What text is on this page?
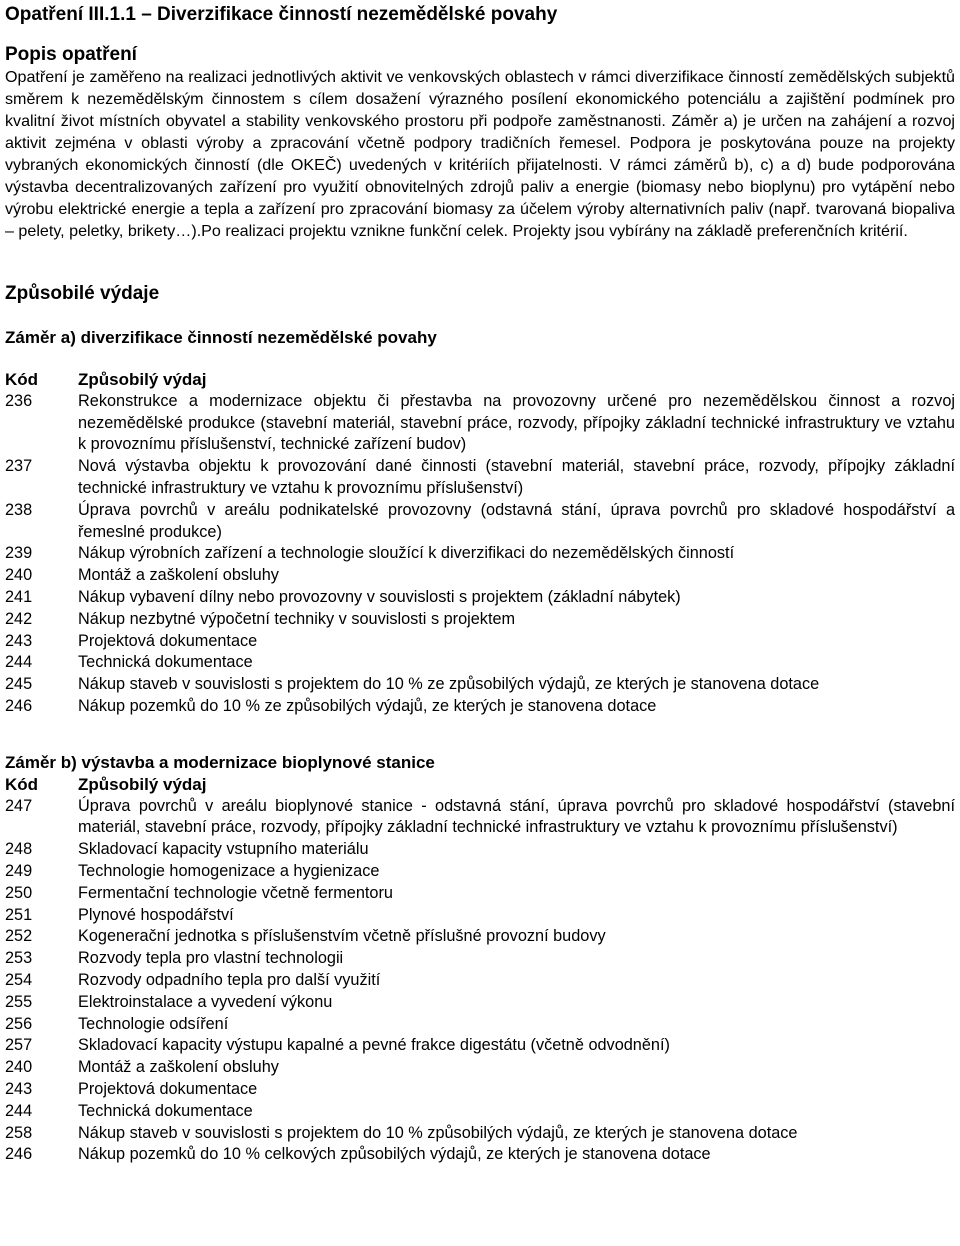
Opatření III.1.1 – Diverzifikace činností nezemědělské povahy
Popis opatření

Opatření je zaměřeno na realizaci jednotlivých aktivit ve venkovských oblastech v rámci diverzifikace činností zemědělských subjektů směrem k nezemědělským činnostem s cílem dosažení výrazného posílení ekonomického potenciálu a zajištění podmínek pro kvalitní život místních obyvatel a stability venkovského prostoru při podpoře zaměstnanosti. Záměr a) je určen na zahájení a rozvoj aktivit zejména v oblasti výroby a zpracování včetně podpory tradičních řemesel. Podpora je poskytována pouze na projekty vybraných ekonomických činností (dle OKEČ) uvedených v kritériích přijatelnosti. V rámci záměrů b), c) a d) bude podporována výstavba decentralizovaných zařízení pro využití obnovitelných zdrojů paliv a energie (biomasy nebo bioplynu) pro vytápění nebo výrobu elektrické energie a tepla a zařízení pro zpracování biomasy za účelem výroby alternativních paliv (např. tvarovaná biopaliva – pelety, peletky, brikety…).Po realizaci projektu vznikne funkční celek. Projekty jsou vybírány na základě preferenčních kritérií.

Způsobilé výdaje
Záměr a) diverzifikace činností nezemědělské povahy
Kód	Způsobilý výdaj
236	Rekonstrukce a modernizace objektu či přestavba na provozovny určené pro nezemědělskou činnost a rozvoj nezemědělské produkce (stavební materiál, stavební práce, rozvody, přípojky základní technické infrastruktury ve vztahu k provoznímu příslušenství, technické zařízení budov)
237	Nová výstavba objektu k provozování dané činnosti (stavební materiál, stavební práce, rozvody, přípojky základní technické infrastruktury ve vztahu k provoznímu příslušenství)
238	Úprava povrchů v areálu podnikatelské provozovny (odstavná stání, úprava povrchů pro skladové hospodářství a řemeslné produkce)
239	Nákup výrobních zařízení a technologie sloužící k diverzifikaci do nezemědělských činností
240	Montáž a zaškolení obsluhy
241	Nákup vybavení dílny nebo provozovny v souvislosti s projektem (základní nábytek)
242	Nákup nezbytné výpočetní techniky v souvislosti s projektem
243	Projektová dokumentace
244	Technická dokumentace
245	Nákup staveb v souvislosti s projektem do 10 % ze způsobilých výdajů, ze kterých je stanovena dotace
246	Nákup pozemků do 10 % ze způsobilých výdajů, ze kterých je stanovena dotace
Záměr b) výstavba a modernizace bioplynové stanice
Kód	Způsobilý výdaj
247	Úprava povrchů v areálu bioplynové stanice - odstavná stání, úprava povrchů pro skladové hospodářství (stavební materiál, stavební práce, rozvody, přípojky základní technické infrastruktury ve vztahu k provoznímu příslušenství)
248	Skladovací kapacity vstupního materiálu
249	Technologie homogenizace a hygienizace
250	Fermentační technologie včetně fermentoru
251	Plynové hospodářství
252	Kogenerační jednotka s příslušenstvím včetně příslušné provozní budovy
253	Rozvody tepla pro vlastní technologii
254	Rozvody odpadního tepla pro další využití
255	Elektroinstalace a vyvedení výkonu
256	Technologie odsíření
257	Skladovací kapacity výstupu kapalné a pevné frakce digestátu (včetně odvodnění)
240	Montáž a zaškolení obsluhy
243	Projektová dokumentace
244	Technická dokumentace
258	Nákup staveb v souvislosti s projektem do 10 % způsobilých výdajů, ze kterých je stanovena dotace
246	Nákup pozemků do 10 % celkových způsobilých výdajů, ze kterých je stanovena dotace
